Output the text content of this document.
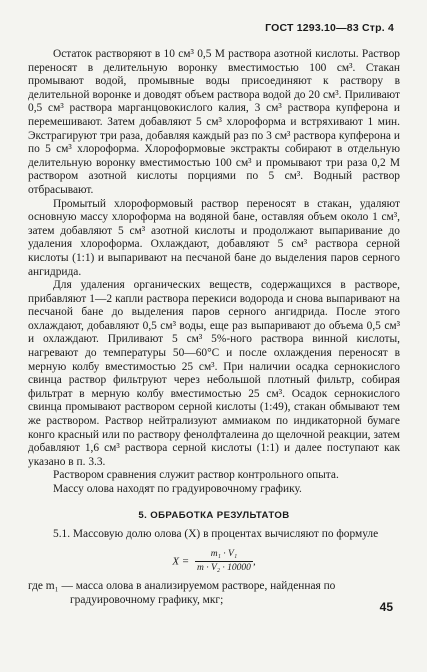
ГОСТ 1293.10—83 Стр. 4

Остаток растворяют в 10 см³ 0,5 М раствора азотной кислоты. Раствор переносят в делительную воронку вместимостью 100 см³. Стакан промывают водой, промывные воды присоединяют к раствору в делительной воронке и доводят объем раствора водой до 20 см³. Приливают 0,5 см³ раствора марганцовокислого калия, 3 см³ раствора купферона и перемешивают. Затем добавляют 5 см³ хлороформа и встряхивают 1 мин. Экстрагируют три раза, добавляя каждый раз по 3 см³ раствора купферона и по 5 см³ хлороформа. Хлороформовые экстракты собирают в отдельную делительную воронку вместимостью 100 см³ и промывают три раза 0,2 М раствором азотной кислоты порциями по 5 см³. Водный раствор отбрасывают.

Промытый хлороформовый раствор переносят в стакан, удаляют основную массу хлороформа на водяной бане, оставляя объем около 1 см³, затем добавляют 5 см³ азотной кислоты и продолжают выпаривание до удаления хлороформа. Охлаждают, добавляют 5 см³ раствора серной кислоты (1:1) и выпаривают на песчаной бане до выделения паров серного ангидрида.

Для удаления органических веществ, содержащихся в растворе, прибавляют 1—2 капли раствора перекиси водорода и снова выпаривают на песчаной бане до выделения паров серного ангидрида. После этого охлаждают, добавляют 0,5 см³ воды, еще раз выпаривают до объема 0,5 см³ и охлаждают. Приливают 5 см³ 5%-ного раствора винной кислоты, нагревают до температуры 50—60°С и после охлаждения переносят в мерную колбу вместимостью 25 см³. При наличии осадка сернокислого свинца раствор фильтруют через небольшой плотный фильтр, собирая фильтрат в мерную колбу вместимостью 25 см³. Осадок сернокислого свинца промывают раствором серной кислоты (1:49), стакан обмывают тем же раствором. Раствор нейтрализуют аммиаком по индикаторной бумаге конго красный или по раствору фенолфталеина до щелочной реакции, затем добавляют 1,6 см³ раствора серной кислоты (1:1) и далее поступают как указано в п. 3.3.

Раствором сравнения служит раствор контрольного опыта.

Массу олова находят по градуировочному графику.

5. ОБРАБОТКА РЕЗУЛЬТАТОВ

5.1. Массовую долю олова (X) в процентах вычисляют по формуле

$X = \frac{\text{m₁ · V₁}}{\text{m · V₂ · 10000}}$ ,

где m₁ — масса олова в анализируемом растворе, найденная по градуировочному графику, мкг;

45
